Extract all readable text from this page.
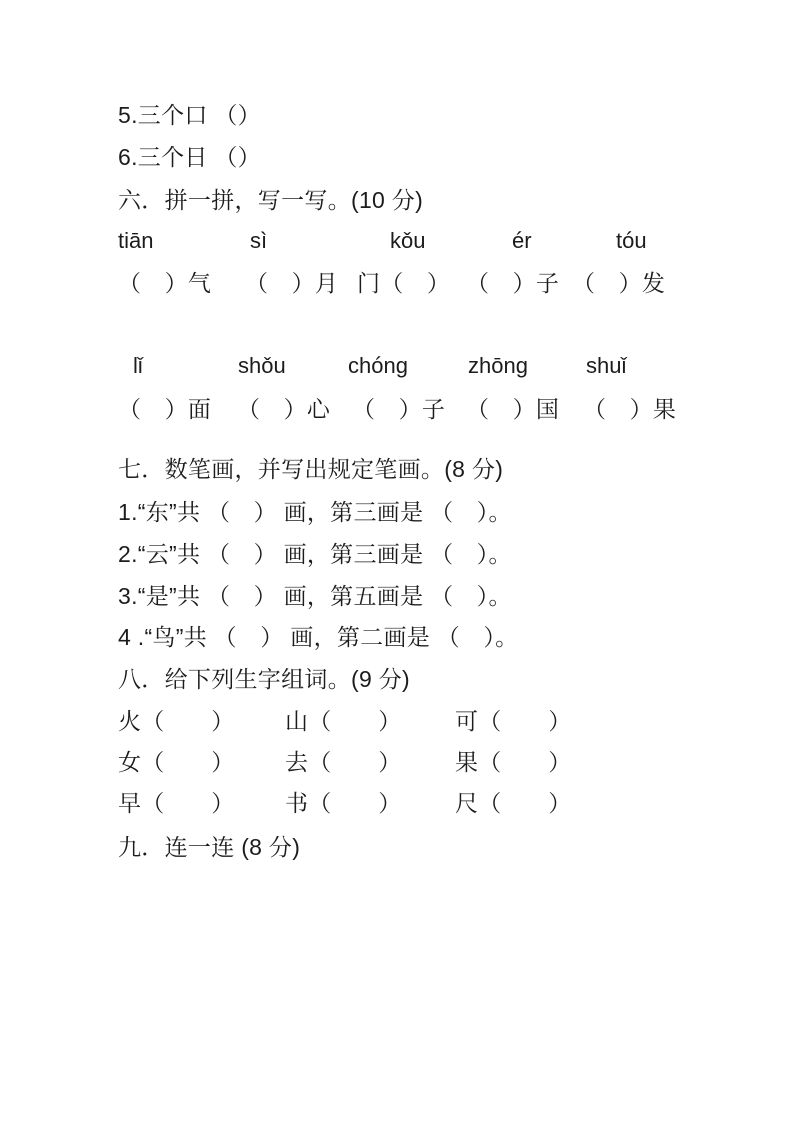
5.三个口 （）
6.三个日 （）
六．拼一拼，写一写。(10 分)
tiān	sì	kǒu	ér	tóu
（　）气 （　）月 门（　） （　）子 （　）发
lǐ	shǒu	chóng	zhōng	shuǐ
（　）面 （　）心 （　）子 （　）国 （　）果
七．数笔画，并写出规定笔画。(8 分)
1.“东”共 （　） 画，第三画是 （　）。
2.“云”共 （　） 画，第三画是 （　）。
3.“是”共 （　） 画，第五画是 （　）。
4 .“鸟”共 （　） 画，第二画是 （　）。
八．给下列生字组词。(9 分)
火（　　） 山（　　） 可（　　）
女（　　） 去（　　） 果（　　）
早（　　） 书（　　） 尺（　　）
九．连一连 (8 分)
